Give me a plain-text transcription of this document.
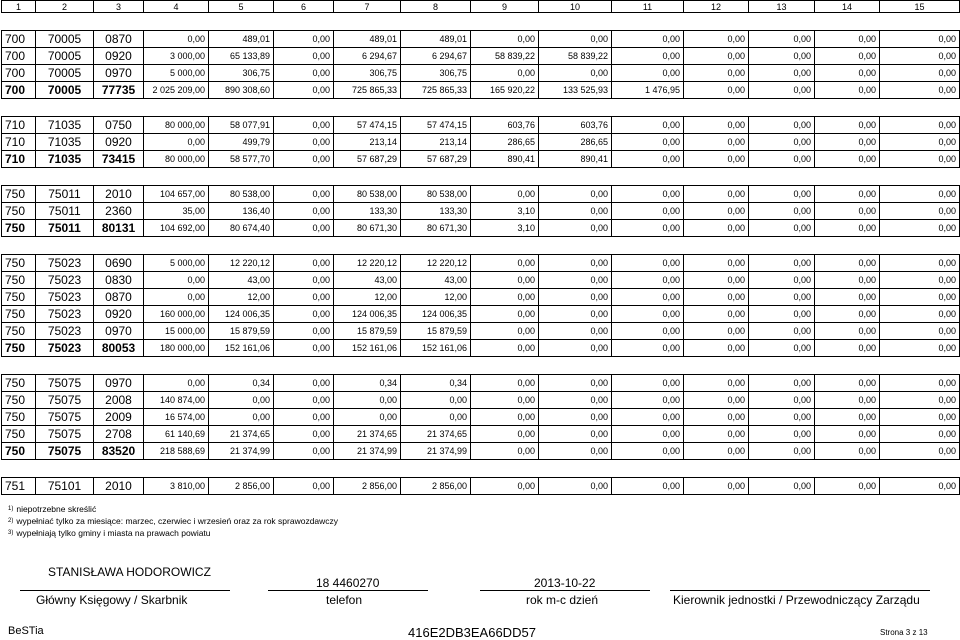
1	2	3	4	5	6	7	8	9	10	11	12	13	14	15

700	70005	0870	0,00	489,01	0,00	489,01	489,01	0,00	0,00	0,00	0,00	0,00	0,00	0,00
700	70005	0920	3 000,00	65 133,89	0,00	6 294,67	6 294,67	58 839,22	58 839,22	0,00	0,00	0,00	0,00	0,00
700	70005	0970	5 000,00	306,75	0,00	306,75	306,75	0,00	0,00	0,00	0,00	0,00	0,00	0,00
700	70005	77735	2 025 209,00	890 308,60	0,00	725 865,33	725 865,33	165 920,22	133 525,93	1 476,95	0,00	0,00	0,00	0,00

710	71035	0750	80 000,00	58 077,91	0,00	57 474,15	57 474,15	603,76	603,76	0,00	0,00	0,00	0,00	0,00
710	71035	0920	0,00	499,79	0,00	213,14	213,14	286,65	286,65	0,00	0,00	0,00	0,00	0,00
710	71035	73415	80 000,00	58 577,70	0,00	57 687,29	57 687,29	890,41	890,41	0,00	0,00	0,00	0,00	0,00

750	75011	2010	104 657,00	80 538,00	0,00	80 538,00	80 538,00	0,00	0,00	0,00	0,00	0,00	0,00	0,00
750	75011	2360	35,00	136,40	0,00	133,30	133,30	3,10	0,00	0,00	0,00	0,00	0,00	0,00
750	75011	80131	104 692,00	80 674,40	0,00	80 671,30	80 671,30	3,10	0,00	0,00	0,00	0,00	0,00	0,00

750	75023	0690	5 000,00	12 220,12	0,00	12 220,12	12 220,12	0,00	0,00	0,00	0,00	0,00	0,00	0,00
750	75023	0830	0,00	43,00	0,00	43,00	43,00	0,00	0,00	0,00	0,00	0,00	0,00	0,00
750	75023	0870	0,00	12,00	0,00	12,00	12,00	0,00	0,00	0,00	0,00	0,00	0,00	0,00
750	75023	0920	160 000,00	124 006,35	0,00	124 006,35	124 006,35	0,00	0,00	0,00	0,00	0,00	0,00	0,00
750	75023	0970	15 000,00	15 879,59	0,00	15 879,59	15 879,59	0,00	0,00	0,00	0,00	0,00	0,00	0,00
750	75023	80053	180 000,00	152 161,06	0,00	152 161,06	152 161,06	0,00	0,00	0,00	0,00	0,00	0,00	0,00

750	75075	0970	0,00	0,34	0,00	0,34	0,34	0,00	0,00	0,00	0,00	0,00	0,00	0,00
750	75075	2008	140 874,00	0,00	0,00	0,00	0,00	0,00	0,00	0,00	0,00	0,00	0,00	0,00
750	75075	2009	16 574,00	0,00	0,00	0,00	0,00	0,00	0,00	0,00	0,00	0,00	0,00	0,00
750	75075	2708	61 140,69	21 374,65	0,00	21 374,65	21 374,65	0,00	0,00	0,00	0,00	0,00	0,00	0,00
750	75075	83520	218 588,69	21 374,99	0,00	21 374,99	21 374,99	0,00	0,00	0,00	0,00	0,00	0,00	0,00

751	75101	2010	3 810,00	2 856,00	0,00	2 856,00	2 856,00	0,00	0,00	0,00	0,00	0,00	0,00	0,00
$^{1)}$ niepotrzebne skreślić
$^{2)}$ wypełniać tylko za miesiące: marzec, czerwiec i wrzesień oraz za rok sprawozdawczy
$^{3)}$ wypełniają tylko gminy i miasta na prawach powiatu
STANISŁAWA HODOROWICZ
Główny Księgowy / Skarbnik
18 4460270
telefon
2013-10-22
rok m-c dzień	Kierownik jednostki / Przewodniczący Zarządu
BeSTia	416E2DB3EA66DD57	Strona 3 z 13
